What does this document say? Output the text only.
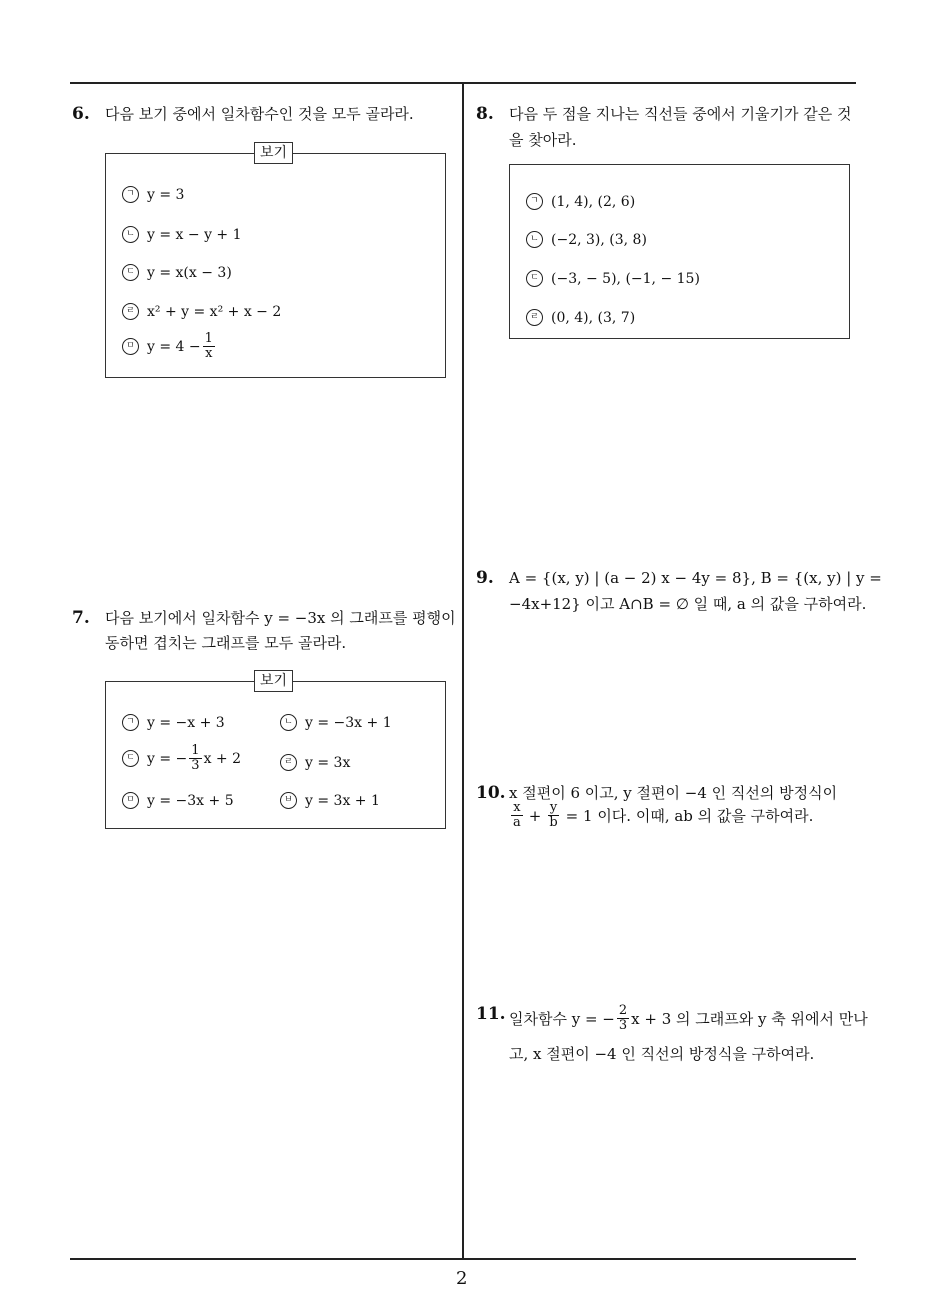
2
6. 다음 보기 중에서 일차함수인 것을 모두 골라라.
보기
ㄱ y = 3
ㄴ y = x − y + 1
ㄷ y = x(x − 3)
ㄹ x² + y = x² + x − 2
ㅁ $y = 4 - \frac{1}{x}$
7. 다음 보기에서 일차함수 y = −3x 의 그래프를 평행이
동하면 겹치는 그래프를 모두 골라라.
보기
ㄱ y = −x + 3	ㄴ y = −3x + 1
ㄷ y = − $\frac{1}{3}$ x + 2	ㄹ y = 3x
ㅁ y = −3x + 5	ㅂ y = 3x + 1
8. 다음 두 점을 지나는 직선들 중에서 기울기가 같은 것
을 찾아라.
ㄱ (1, 4), (2, 6)
ㄴ (−2, 3), (3, 8)
ㄷ (−3, − 5), (−1, − 15)
ㄹ (0, 4), (3, 7)
9. A = {(x, y) | (a − 2) x − 4y = 8}, B = {(x, y) | y =
−4x+12} 이고 A∩B = ∅ 일 때, a 의 값을 구하여라.
10. x 절편이 6 이고, y 절편이 −4 인 직선의 방정식이
$\frac{x}{a} + \frac{y}{b} = 1$ 이다. 이때, ab 의 값을 구하여라.
11. 일차함수 y = − $\frac{2}{3}$ x + 3 의 그래프와 y 축 위에서 만나
고, x 절편이 −4 인 직선의 방정식을 구하여라.
